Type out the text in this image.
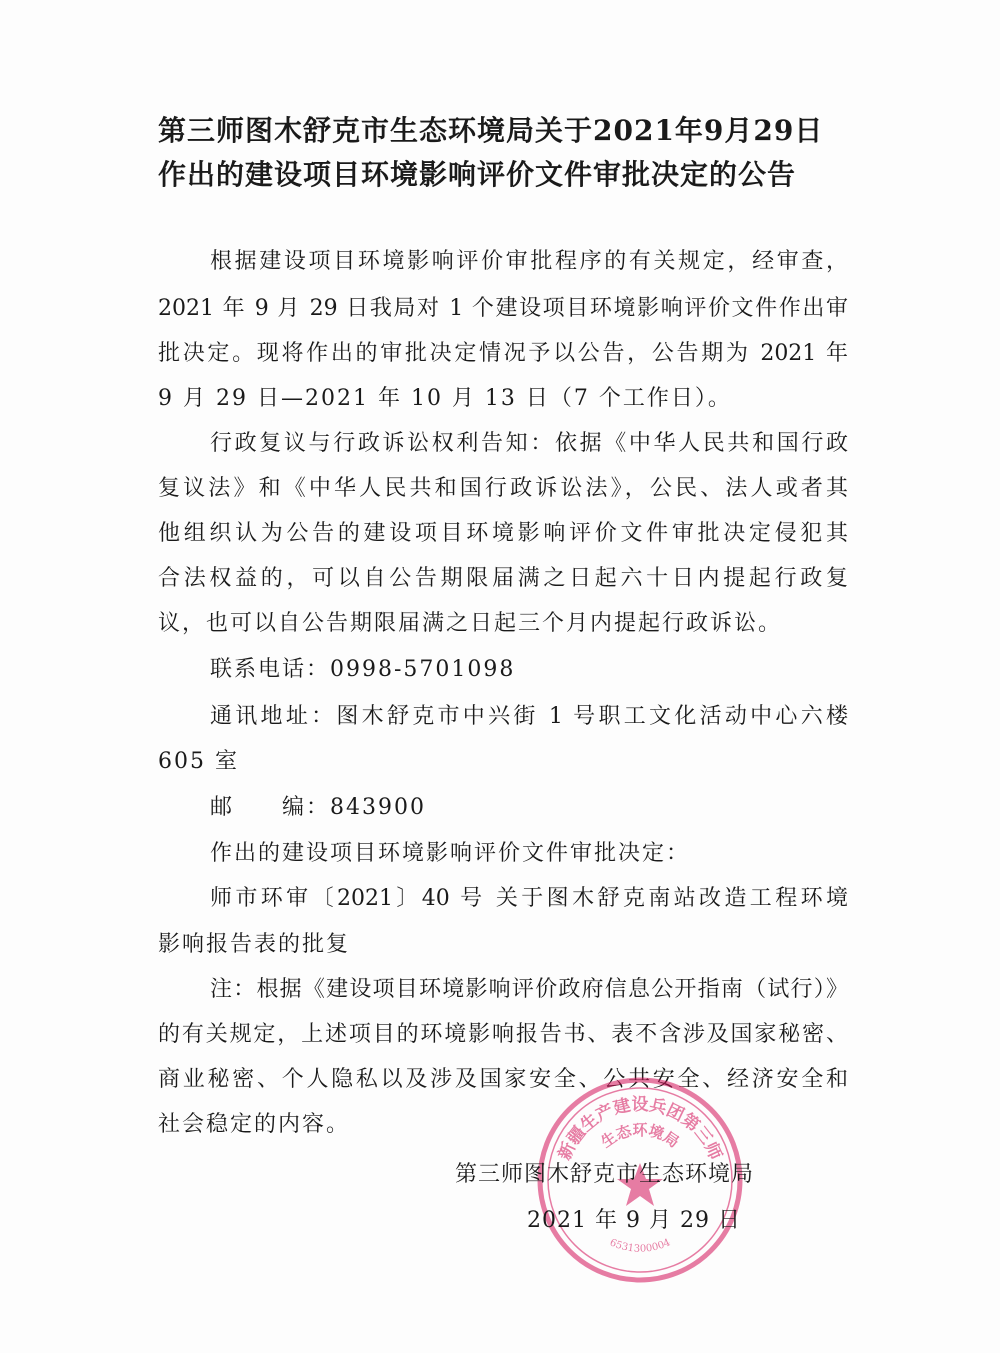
第三师图木舒克市生态环境局关于2021年9月29日
作出的建设项目环境影响评价文件审批决定的公告
根据建设项目环境影响评价审批程序的有关规定，经审查，
2021 年 9 月 29 日我局对 1 个建设项目环境影响评价文件作出审
批决定。现将作出的审批决定情况予以公告，公告期为 2021 年
9 月 29 日—2021 年 10 月 13 日（7 个工作日）。
行政复议与行政诉讼权利告知：依据《中华人民共和国行政
复议法》和《中华人民共和国行政诉讼法》，公民、法人或者其
他组织认为公告的建设项目环境影响评价文件审批决定侵犯其
合法权益的，可以自公告期限届满之日起六十日内提起行政复
议，也可以自公告期限届满之日起三个月内提起行政诉讼。
联系电话：0998-5701098
通讯地址：图木舒克市中兴街 1 号职工文化活动中心六楼
605 室
邮 编：843900
作出的建设项目环境影响评价文件审批决定：
师市环审〔2021〕40 号 关于图木舒克南站改造工程环境
影响报告表的批复
注：根据《建设项目环境影响评价政府信息公开指南（试行）》
的有关规定，上述项目的环境影响报告书、表不含涉及国家秘密、
商业秘密、个人隐私以及涉及国家安全、公共安全、经济安全和
社会稳定的内容。
新疆生产建设兵团第三师
生态环境局
6531300004
第三师图木舒克市生态环境局
2021 年 9 月 29 日
